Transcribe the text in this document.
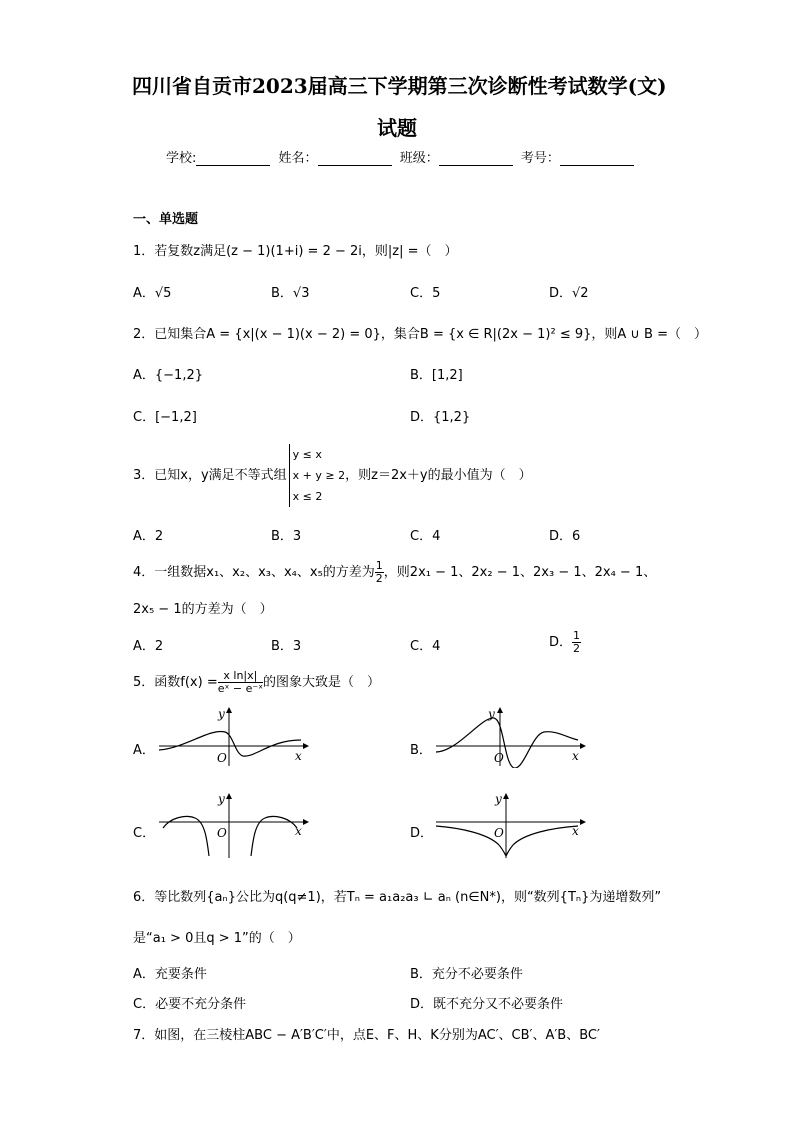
四川省自贡市2023届高三下学期第三次诊断性考试数学(文)
试题
学校:	姓名：	班级：	考号：
一、单选题
1．若复数z满足(z − 1)(1+i) = 2 − 2i，则|z| =（　）
A．√5	B．√3	C．5	D．√2
2．已知集合A = {x|(x − 1)(x − 2) = 0}，集合B = {x ∈ R|(2x − 1)² ≤ 9}，则A ∪ B =（　）
A．{−1,2}	B．[1,2]
C．[−1,2]	D．{1,2}
3．已知x，y满足不等式组
y ≤ x
x + y ≥ 2
x ≤ 2
，则z＝2x＋y的最小值为（　）
A．2	B．3	C．4	D．6
4．一组数据x₁、x₂、x₃、x₄、x₅的方差为 $\frac{1}{2}$ ，则2x₁ − 1、2x₂ − 1、2x₃ − 1、2x₄ − 1、
2x₅ − 1的方差为（　）
A．2	B．3	C．4	D． $\frac{1}{2}$
5．函数$f(x) = \frac{\text{x ln|x|}}{\text{eˣ − e⁻ˣ}}$ 的图象大致是（　）
A．	B．
C．	D．
O	x
y
O	x
y
O	x
y
O	x
y
6．等比数列{aₙ}公比为q(q≠1)，若Tₙ = a₁a₂a₃ ∟ aₙ (n∈N*)，则“数列{Tₙ}为递增数列”
是“a₁ > 0且q > 1”的（　）
A．充要条件	B．充分不必要条件
C．必要不充分条件	D．既不充分又不必要条件
7．如图，在三棱柱ABC − A′B′C′中，点E、F、H、K分别为AC′、CB′、A′B、BC′
